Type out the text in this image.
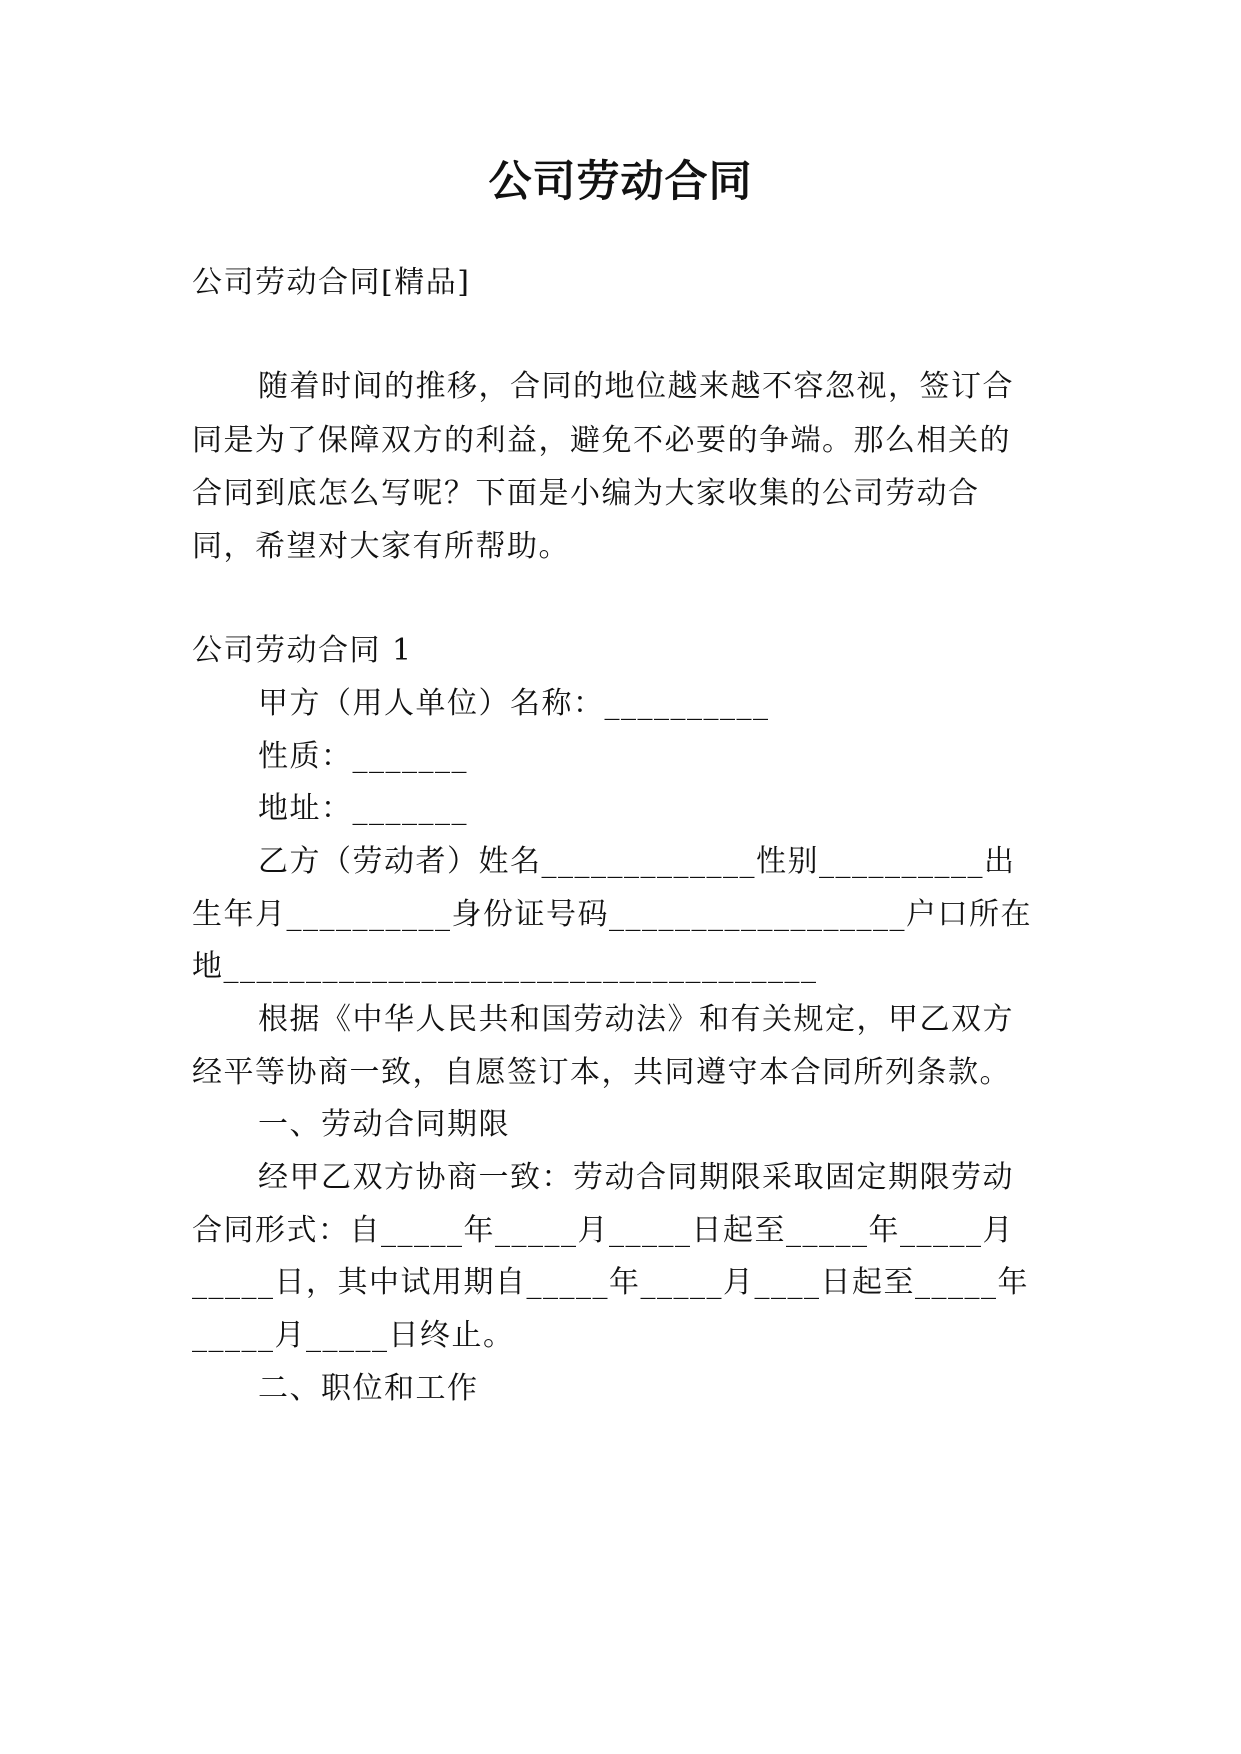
公司劳动合同
公司劳动合同[精品]
随着时间的推移，合同的地位越来越不容忽视，签订合
同是为了保障双方的利益，避免不必要的争端。那么相关的
合同到底怎么写呢？下面是小编为大家收集的公司劳动合
同，希望对大家有所帮助。
公司劳动合同 1
甲方（用人单位）名称：__________
性质：_______
地址：_______
乙方（劳动者）姓名_____________性别__________出
生年月__________身份证号码__________________户口所在
地____________________________________
根据《中华人民共和国劳动法》和有关规定，甲乙双方
经平等协商一致，自愿签订本，共同遵守本合同所列条款。
一、劳动合同期限
经甲乙双方协商一致：劳动合同期限采取固定期限劳动
合同形式：自_____年_____月_____日起至_____年_____月
_____日，其中试用期自_____年_____月____日起至_____年
_____月_____日终止。
二、职位和工作
